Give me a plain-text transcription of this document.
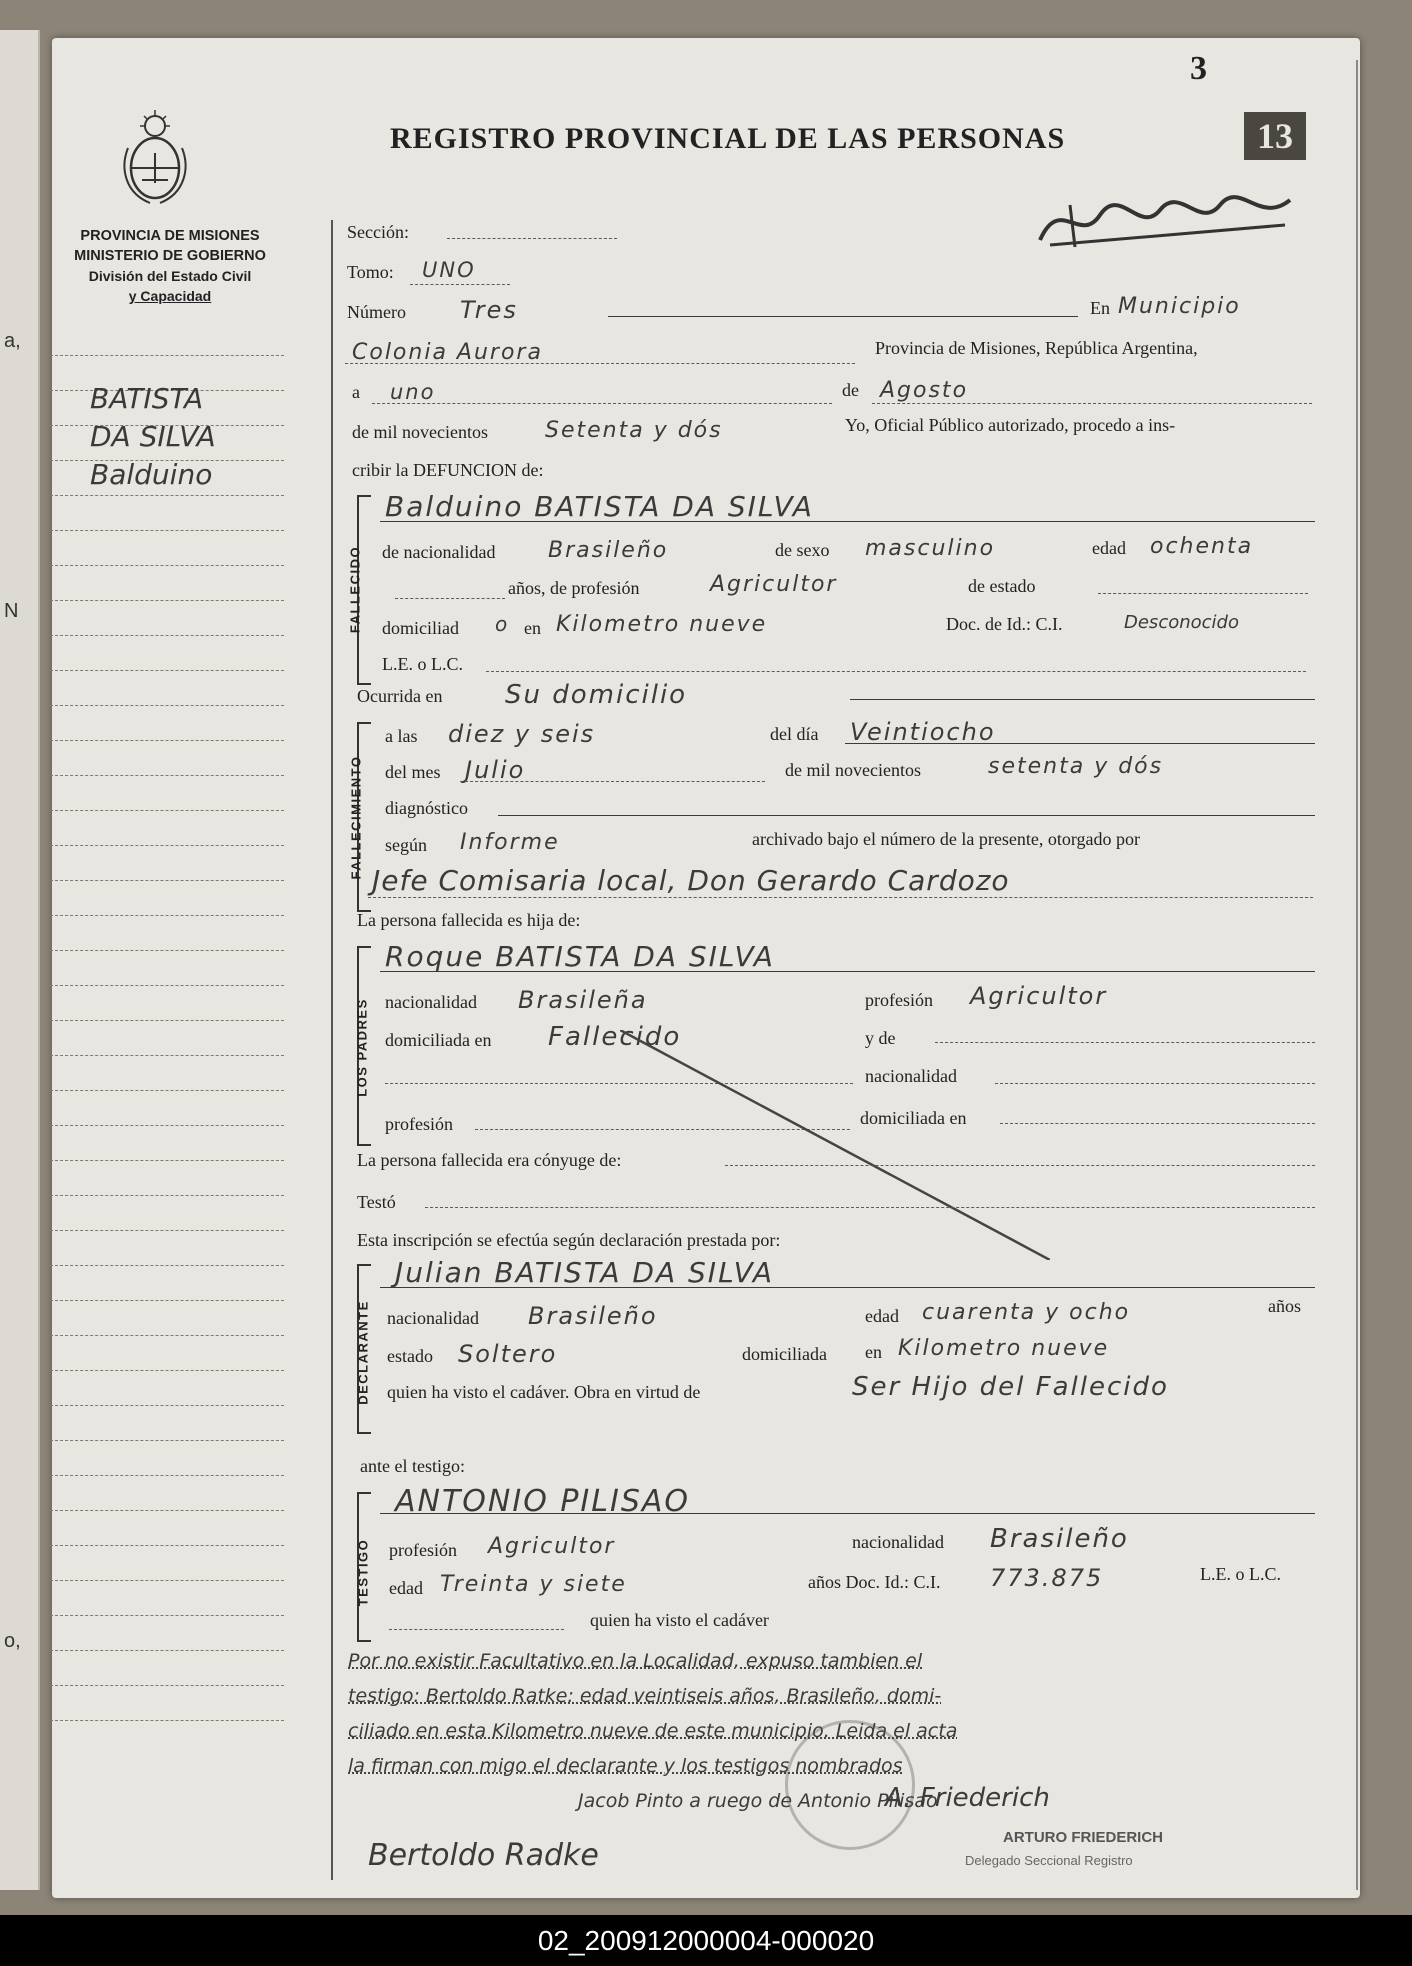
a,
N
o,
3
REGISTRO PROVINCIAL DE LAS PERSONAS	13
PROVINCIA DE MISIONES
MINISTERIO DE GOBIERNO
División del Estado Civil
y Capacidad
BATISTA
DA SILVA
Balduino
Sección:
Tomo: UNO
Número Tres	En Municipio
Colonia Aurora	Provincia de Misiones, República Argentina,
a uno	de Agosto
de mil novecientos	Setenta y dós	Yo, Oficial Público autorizado, procedo a ins-
cribir la DEFUNCION de:
FALLECIDO
Balduino BATISTA DA SILVA
de nacionalidad Brasileño	de sexo masculino	edad ochenta
años, de profesión	Agricultor	de estado
domiciliad o en Kilometro nueve	Doc. de Id.: C.I.	Desconocido
L.E. o L.C.
Ocurrida en Su domicilio
FALLECIMIENTO
a las diez y seis	del día Veintiocho
del mes Julio	de mil novecientos	setenta y dós
diagnóstico
según Informe	archivado bajo el número de la presente, otorgado por
Jefe Comisaria local, Don Gerardo Cardozo
La persona fallecida es hija de:
LOS PADRES
Roque BATISTA DA SILVA
nacionalidad Brasileña	profesión Agricultor
domiciliada en Fallecido	y de
nacionalidad
profesión	domiciliada en
La persona fallecida era cónyuge de:
Testó
Esta inscripción se efectúa según declaración prestada por:
DECLARANTE
Julian BATISTA DA SILVA
nacionalidad Brasileño	edad cuarenta y ocho	años
estado Soltero	domiciliada en Kilometro nueve
quien ha visto el cadáver. Obra en virtud de	Ser Hijo del Fallecido
ante el testigo:
TESTIGO
ANTONIO PILISAO
profesión Agricultor	nacionalidad Brasileño
edad Treinta y siete	años Doc. Id.: C.I. 773.875	L.E. o L.C.
quien ha visto el cadáver
Por no existir Facultativo en la Localidad, expuso tambien el
testigo: Bertoldo Ratke: edad veintiseis años, Brasileño, domi-
ciliado en esta Kilometro nueve de este municipio. Leida el acta
la firman con migo el declarante y los testigos nombrados
Jacob Pinto a ruego de Antonio Pilisao
A. Friederich
ARTURO FRIEDERICH
Delegado Seccional Registro
Bertoldo Radke
02_200912000004-000020
